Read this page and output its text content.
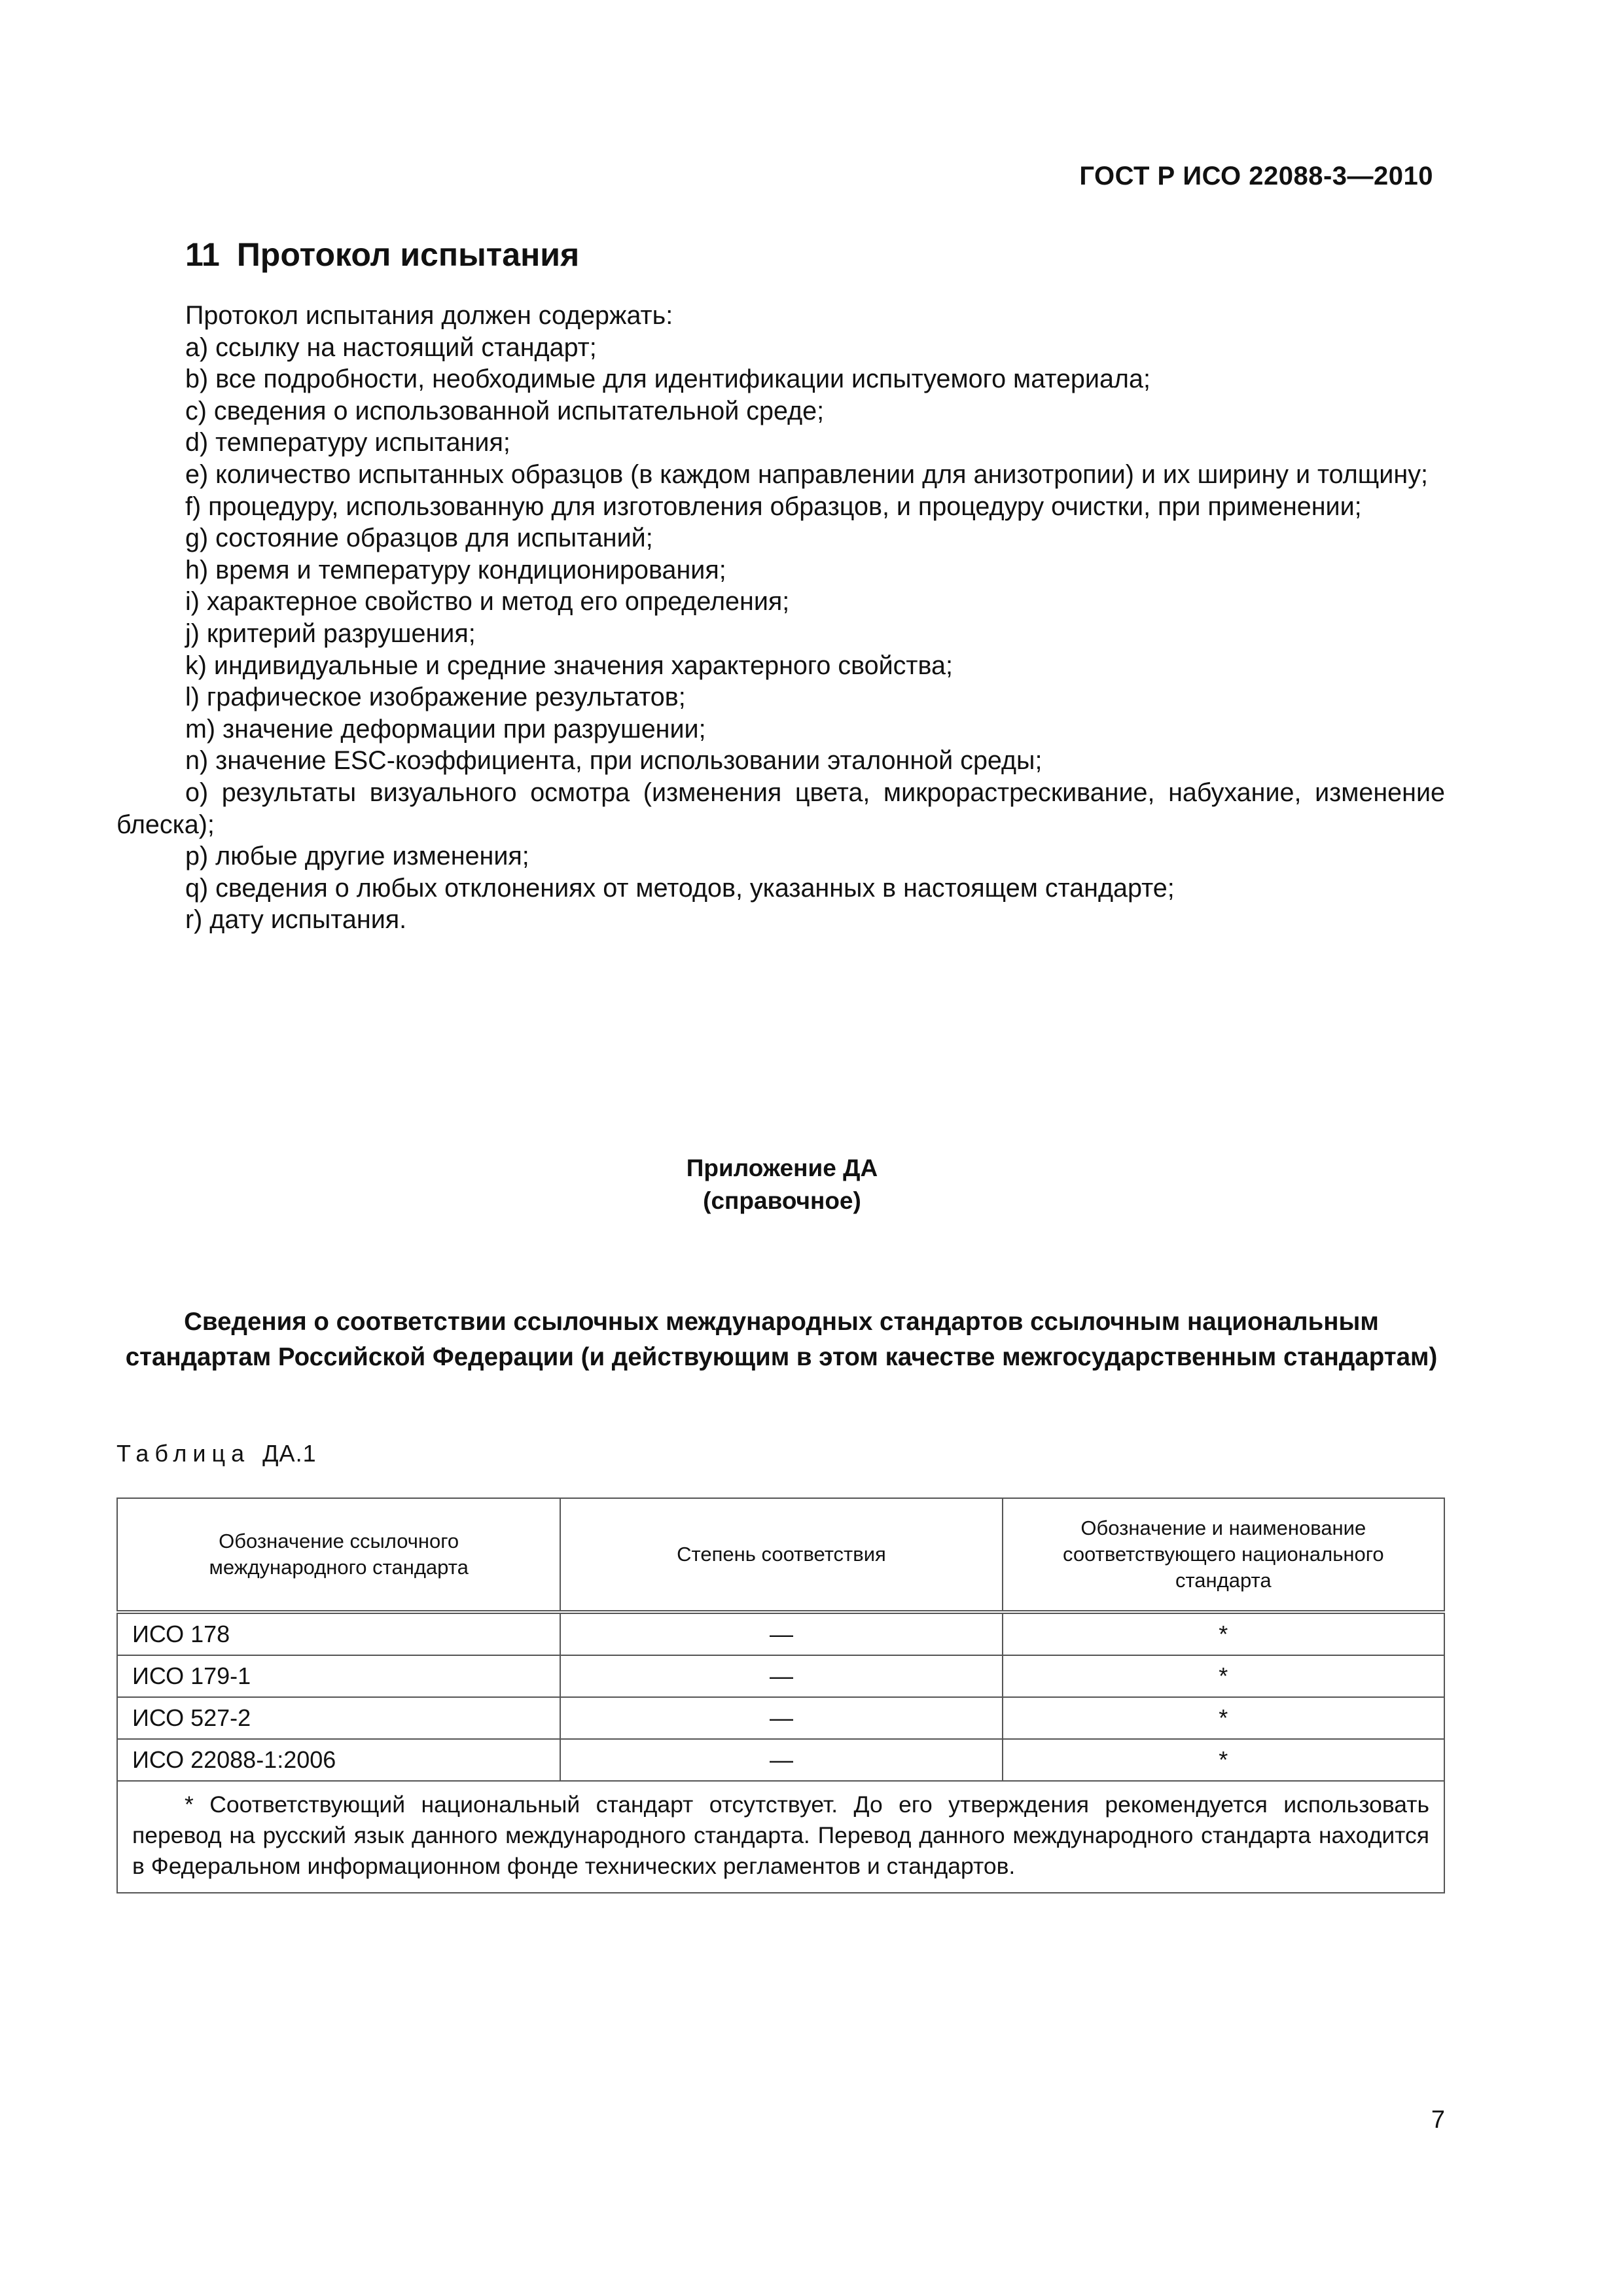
ГОСТ Р ИСО 22088-3—2010
11 Протокол испытания

Протокол испытания должен содержать:

a) ссылку на настоящий стандарт;

b) все подробности, необходимые для идентификации испытуемого материала;

c) сведения о использованной испытательной среде;

d) температуру испытания;

e) количество испытанных образцов (в каждом направлении для анизотропии) и их ширину и толщину;

f) процедуру, использованную для изготовления образцов, и процедуру очистки, при применении;

g) состояние образцов для испытаний;

h) время и температуру кондиционирования;

i) характерное свойство и метод его определения;

j) критерий разрушения;

k) индивидуальные и средние значения характерного свойства;

l) графическое изображение результатов;

m) значение деформации при разрушении;

n) значение ESC-коэффициента, при использовании эталонной среды;

o) результаты визуального осмотра (изменения цвета, микрорастрескивание, набухание, изменение блеска);

p) любые другие изменения;

q) сведения о любых отклонениях от методов, указанных в настоящем стандарте;

r) дату испытания.

Приложение ДА
(справочное)
Сведения о соответствии ссылочных международных стандартов ссылочным национальным стандартам Российской Федерации (и действующим в этом качестве межгосударственным стандартам)
Таблица ДА.1
Обозначение ссылочного международного стандарта	Степень соответствия	Обозначение и наименование соответствующего национального стандарта
ИСО 178	—	*
ИСО 179-1	—	*
ИСО 527-2	—	*
ИСО 22088-1:2006	—	*
* Соответствующий национальный стандарт отсутствует. До его утверждения рекомендуется использовать перевод на русский язык данного международного стандарта. Перевод данного международного стандарта находится в Федеральном информационном фонде технических регламентов и стандартов.		
7
